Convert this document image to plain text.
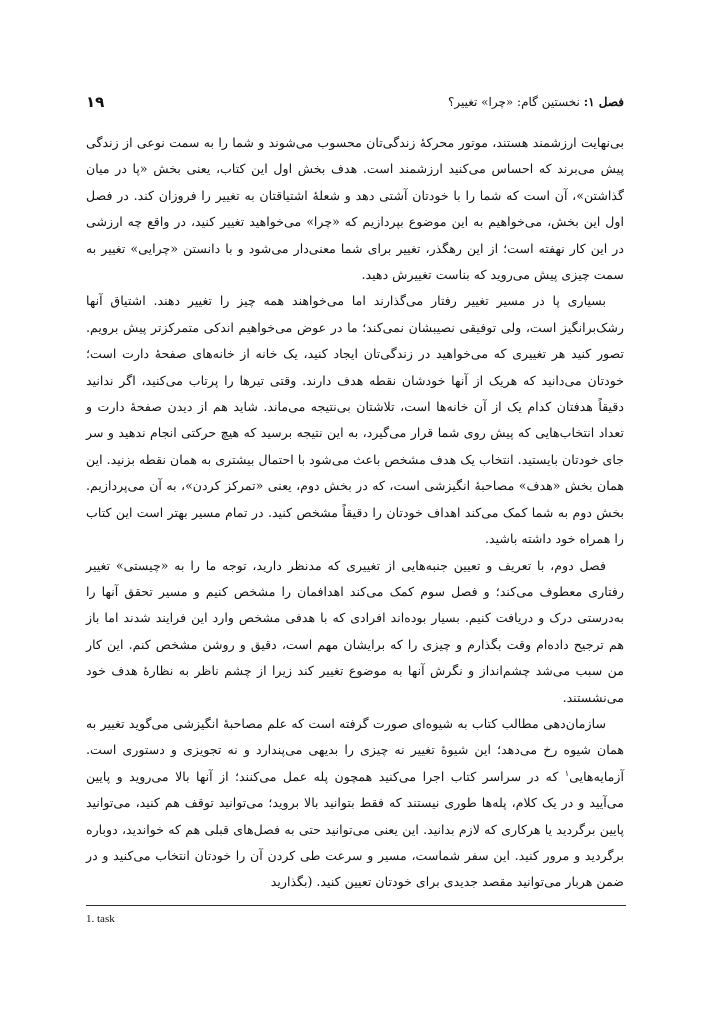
فصل ۱: نخستین گام: «چرا» تغییر؟
۱۹

بی‌نهایت ارزشمند هستند، موتور محرکۀ زندگی‌تان محسوب می‌شوند و شما را به سمت نوعی از زندگی پیش می‌برند که احساس می‌کنید ارزشمند است. هدف بخش اول این کتاب، یعنی بخش «پا در میان گذاشتن»، آن است که شما را با خودتان آشتی دهد و شعلۀ اشتیاقتان به تغییر را فروزان کند. در فصل اول این بخش، می‌خواهیم به این موضوع بپردازیم که «چرا» می‌خواهید تغییر کنید، در واقع چه ارزشی در این کار نهفته است؛ از این رهگذر، تغییر برای شما معنی‌دار می‌شود و با دانستن «چرایی» تغییر به سمت چیزی پیش می‌روید که بناست تغییرش دهید.

بسیاری پا در مسیر تغییر رفتار می‌گذارند اما می‌خواهند همه چیز را تغییر دهند. اشتیاق آنها رشک‌برانگیز است، ولی توفیقی نصیبشان نمی‌کند؛ ما در عوض می‌خواهیم اندکی متمرکزتر پیش برویم. تصور کنید هر تغییری که می‌خواهید در زندگی‌تان ایجاد کنید، یک خانه از خانه‌های صفحۀ دارت است؛ خودتان می‌دانید که هریک از آنها خودشان نقطه هدف دارند. وقتی تیرها را پرتاب می‌کنید، اگر ندانید دقیقاً هدفتان کدام یک از آن خانه‌ها است، تلاشتان بی‌نتیجه می‌ماند. شاید هم از دیدن صفحۀ دارت و تعداد انتخاب‌هایی که پیش روی شما قرار می‌گیرد، به این نتیجه برسید که هیچ حرکتی انجام ندهید و سر جای خودتان بایستید. انتخاب یک هدف مشخص باعث می‌شود با احتمال بیشتری به همان نقطه بزنید. این همان بخش «هدف» مصاحبۀ انگیزشی است، که در بخش دوم، یعنی «تمرکز کردن»، به آن می‌پردازیم. بخش دوم به شما کمک می‌کند اهداف خودتان را دقیقاً مشخص کنید. در تمام مسیر بهتر است این کتاب را همراه خود داشته باشید.

فصل دوم، با تعریف و تعیین جنبه‌هایی از تغییری که مدنظر دارید، توجه ما را به «چیستی» تغییر رفتاری معطوف می‌کند؛ و فصل سوم کمک می‌کند اهدافمان را مشخص کنیم و مسیر تحقق آنها را به‌درستی درک و دریافت کنیم. بسیار بوده‌اند افرادی که با هدفی مشخص وارد این فرایند شدند اما باز هم ترجیح داده‌ام وقت بگذارم و چیزی را که برایشان مهم است، دقیق و روشن مشخص کنم. این کار من سبب می‌شد چشم‌انداز و نگرش آنها به موضوع تغییر کند زیرا از چشم ناظر به نظارۀ هدف خود می‌نشستند.

سازمان‌دهی مطالب کتاب به شیوه‌ای صورت گرفته است که علم مصاحبۀ انگیزشی می‌گوید تغییر به همان شیوه رخ می‌دهد؛ این شیوۀ تغییر نه چیزی را بدیهی می‌پندارد و نه تجویزی و دستوری است. آزمایه‌هایی$^۱$ که در سراسر کتاب اجرا می‌کنید همچون پله عمل می‌کنند؛ از آنها بالا می‌روید و پایین می‌آیید و در یک کلام، پله‌ها طوری نیستند که فقط بتوانید بالا بروید؛ می‌توانید توقف هم کنید، می‌توانید پایین برگردید یا هرکاری که لازم بدانید. این یعنی می‌توانید حتی به فصل‌های قبلی هم که خواندید، دوباره برگردید و مرور کنید. این سفر شماست، مسیر و سرعت طی کردن آن را خودتان انتخاب می‌کنید و در ضمن هربار می‌توانید مقصد جدیدی برای خودتان تعیین کنید. (بگذارید

1. task
